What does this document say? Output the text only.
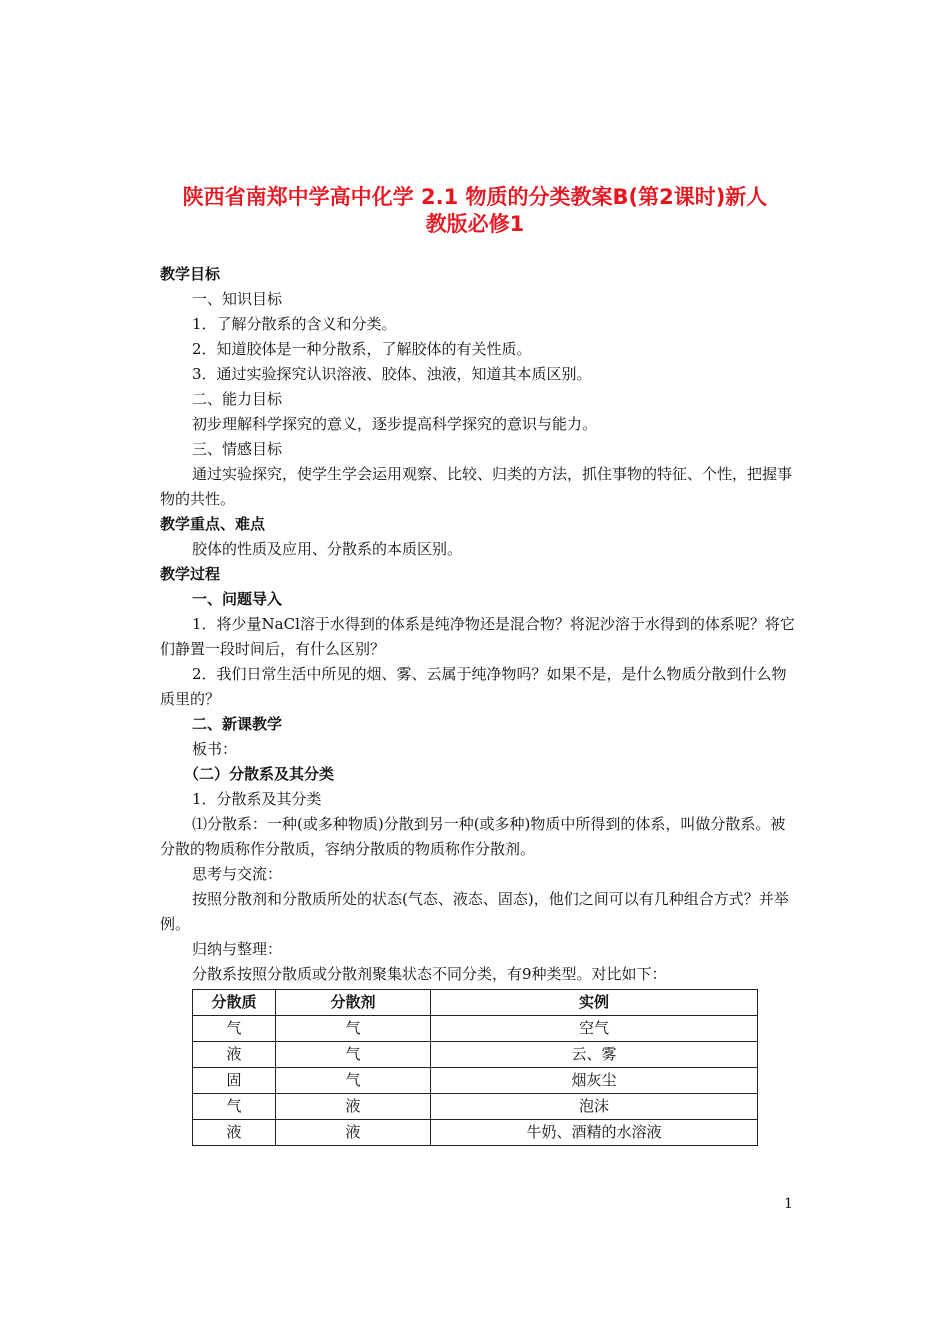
陕西省南郑中学高中化学 2.1 物质的分类教案B(第2课时)新人
教版必修1

教学目标

一、知识目标

1．了解分散系的含义和分类。

2．知道胶体是一种分散系，了解胶体的有关性质。

3．通过实验探究认识溶液、胶体、浊液，知道其本质区别。

二、能力目标

初步理解科学探究的意义，逐步提高科学探究的意识与能力。

三、情感目标

通过实验探究，使学生学会运用观察、比较、归类的方法，抓住事物的特征、个性，把握事物的共性。

教学重点、难点

胶体的性质及应用、分散系的本质区别。

教学过程

一、问题导入

1．将少量NaCl溶于水得到的体系是纯净物还是混合物？将泥沙溶于水得到的体系呢？将它们静置一段时间后，有什么区别？

2．我们日常生活中所见的烟、雾、云属于纯净物吗？如果不是，是什么物质分散到什么物质里的？

二、新课教学

板书：

（二）分散系及其分类

1．分散系及其分类

⑴分散系：一种(或多种物质)分散到另一种(或多种)物质中所得到的体系，叫做分散系。被分散的物质称作分散质，容纳分散质的物质称作分散剂。

思考与交流：

按照分散剂和分散质所处的状态(气态、液态、固态)，他们之间可以有几种组合方式？并举例。

归纳与整理：

分散系按照分散质或分散剂聚集状态不同分类，有9种类型。对比如下：

分散质	分散剂	实例
气	气	空气
液	气	云、雾
固	气	烟灰尘
气	液	泡沫
液	液	牛奶、酒精的水溶液
1
